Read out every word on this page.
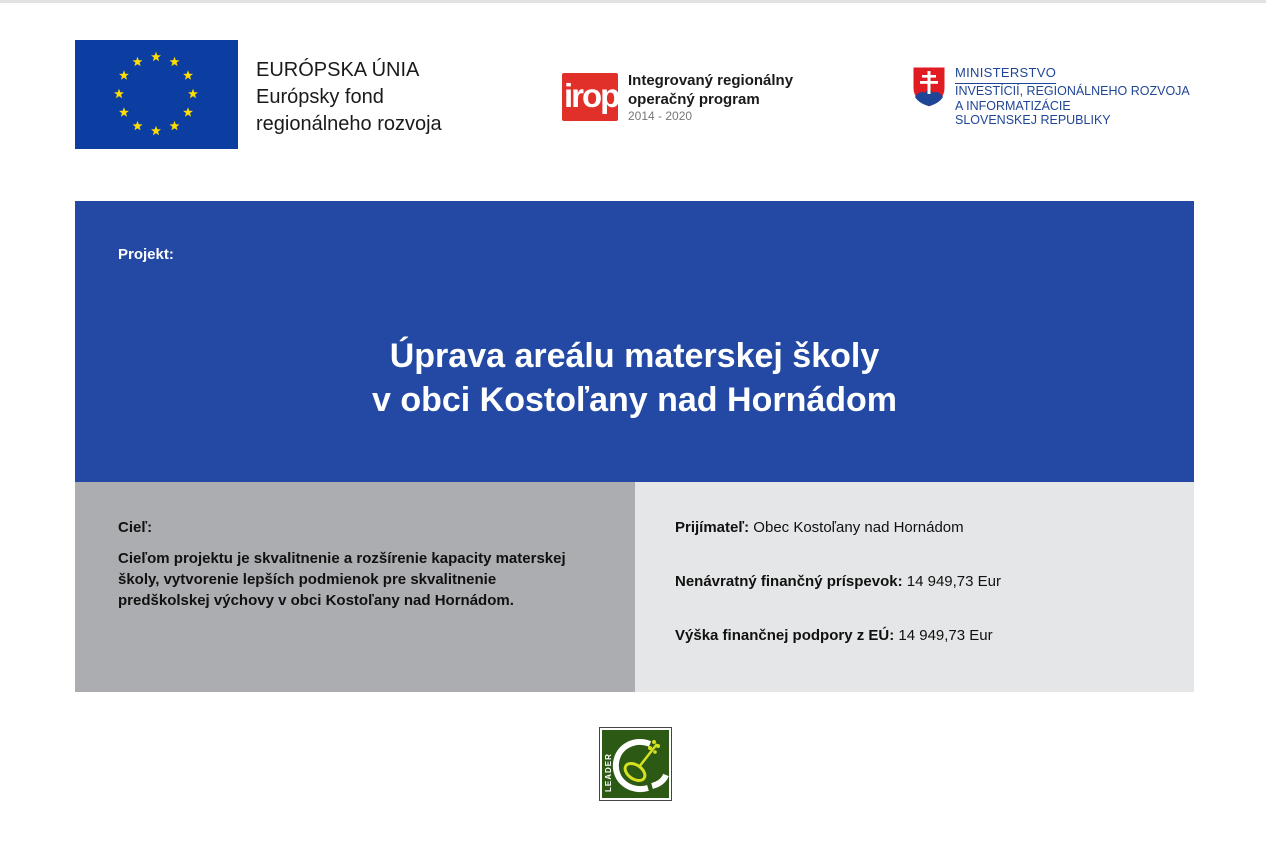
EURÓPSKA ÚNIA
Európsky fond
regionálneho rozvoja
irop Integrovaný regionálny
operačný program
2014 - 2020
MINISTERSTVO
INVESTÍCIÍ, REGIONÁLNEHO ROZVOJA
A INFORMATIZÁCIE
SLOVENSKEJ REPUBLIKY
Projekt:
Úprava areálu materskej školy
v obci Kostoľany nad Hornádom
Cieľ:
Cieľom projektu je skvalitnenie a rozšírenie kapacity materskej školy, vytvorenie lepších podmienok pre skvalitnenie predškolskej výchovy v obci Kostoľany nad Hornádom.
Prijímateľ: Obec Kostoľany nad Hornádom
Nenávratný finančný príspevok: 14 949,73 Eur
Výška finančnej podpory z EÚ: 14 949,73 Eur
LEADER
